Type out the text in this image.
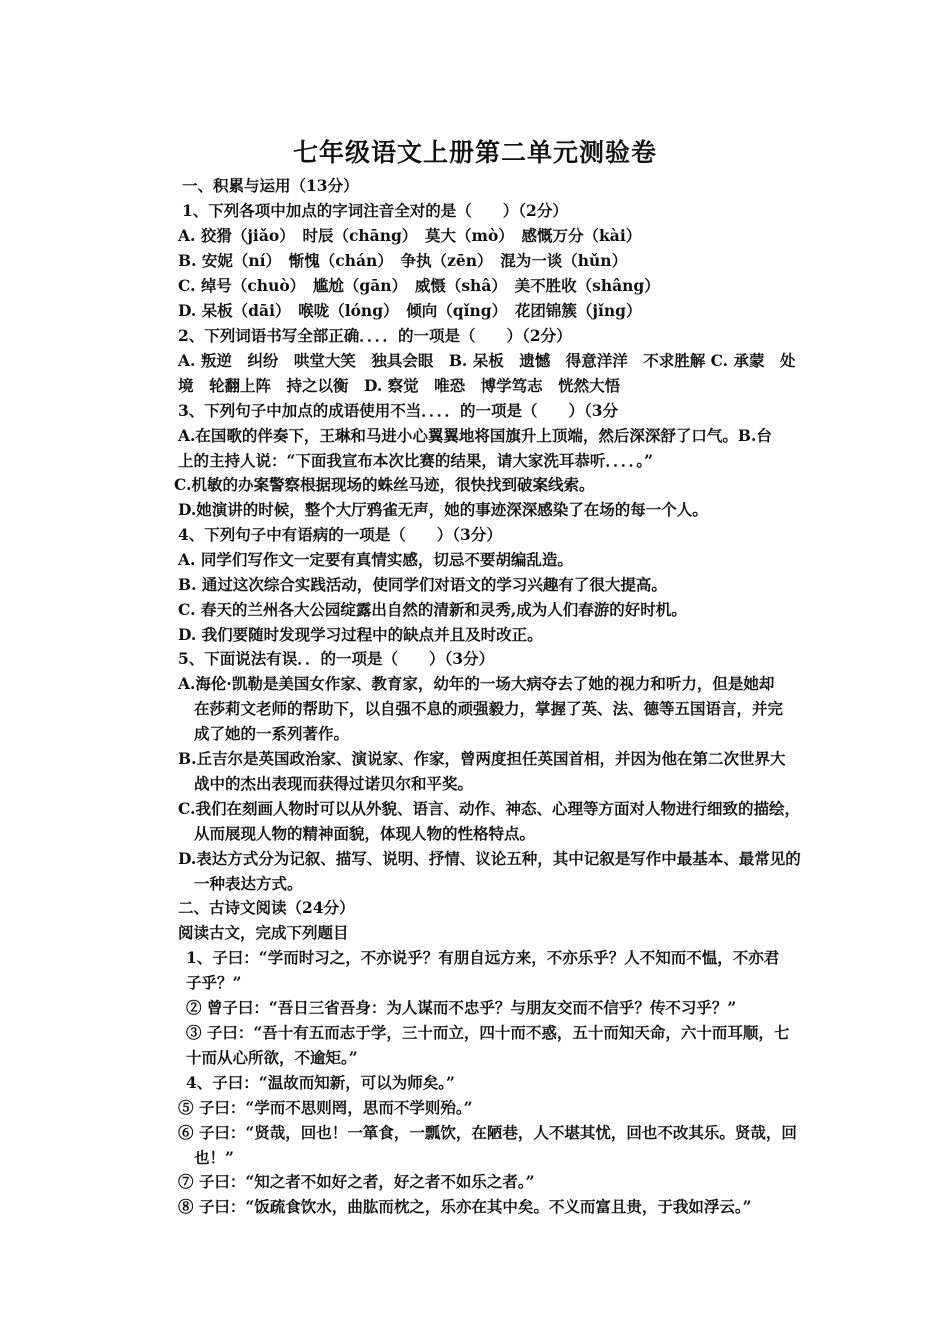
七年级语文上册第二单元测验卷
一、积累与运用（13分）
1、下列各项中加点的字词注音全对的是（　　）（2分）
A. 狡猾（jiǎo）　时辰（chāng）　莫大（mò）　感慨万分（kài）
B. 安妮（ní）　惭愧（chán）　争执（zēn）　混为一谈（hǔn）
C. 绰号（chuò）　尴尬（gān）　威慑（shâ）　美不胜收（shâng）
D. 呆板（dāi）　喉咙（lóng）　倾向（qǐng）　花团锦簇（jǐng）
2、下列词语书写全部正确．．．．的一项是（　　）（2分）
A. 叛逆　纠纷　哄堂大笑　独具会眼　B. 呆板　遗憾　得意洋洋　不求胜解 C. 承蒙　处
境　轮翻上阵　持之以衡　D. 察觉　唯恐　博学笃志　恍然大悟
3、下列句子中加点的成语使用不当．．．．的一项是（　　）（3分
A.在国歌的伴奏下，王琳和马进小心翼翼地将国旗升上顶端，然后深深舒了口气。B.台
上的主持人说：“下面我宣布本次比赛的结果，请大家洗耳恭听．．．．。”
C.机敏的办案警察根据现场的蛛丝马迹，很快找到破案线索。
D.她演讲的时候，整个大厅鸦雀无声，她的事迹深深感染了在场的每一个人。
4、下列句子中有语病的一项是（　　）（3分）
A. 同学们写作文一定要有真情实感，切忌不要胡编乱造。
B. 通过这次综合实践活动，使同学们对语文的学习兴趣有了很大提高。
C. 春天的兰州各大公园绽露出自然的清新和灵秀,成为人们春游的好时机。
D. 我们要随时发现学习过程中的缺点并且及时改正。
5、下面说法有误．．的一项是（　　）（3分）
A.海伦·凯勒是美国女作家、教育家，幼年的一场大病夺去了她的视力和听力，但是她却
在莎莉文老师的帮助下，以自强不息的顽强毅力，掌握了英、法、德等五国语言，并完
成了她的一系列著作。
B.丘吉尔是英国政治家、演说家、作家，曾两度担任英国首相，并因为他在第二次世界大
战中的杰出表现而获得过诺贝尔和平奖。
C.我们在刻画人物时可以从外貌、语言、动作、神态、心理等方面对人物进行细致的描绘，
从而展现人物的精神面貌，体现人物的性格特点。
D.表达方式分为记叙、描写、说明、抒情、议论五种，其中记叙是写作中最基本、最常见的
一种表达方式。
二、古诗文阅读（24分）
阅读古文，完成下列题目
1、子曰：“学而时习之，不亦说乎？有朋自远方来，不亦乐乎？人不知而不愠，不亦君
子乎？”
② 曾子曰：“吾日三省吾身：为人谋而不忠乎？与朋友交而不信乎？传不习乎？”
③ 子曰：“吾十有五而志于学，三十而立，四十而不惑，五十而知天命，六十而耳顺，七
十而从心所欲，不逾矩。”
4、子曰：“温故而知新，可以为师矣。”
⑤ 子曰：“学而不思则罔，思而不学则殆。”
⑥ 子曰：“贤哉，回也！一箪食，一瓢饮，在陋巷，人不堪其忧，回也不改其乐。贤哉，回
也！”
⑦ 子曰：“知之者不如好之者，好之者不如乐之者。”
⑧ 子曰：“饭疏食饮水，曲肱而枕之，乐亦在其中矣。不义而富且贵，于我如浮云。”
